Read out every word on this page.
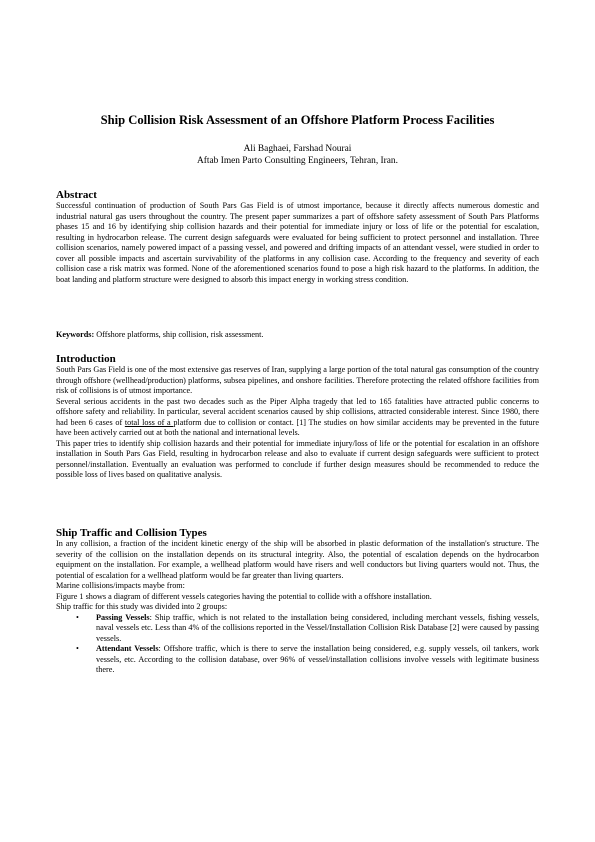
Ship Collision Risk Assessment of an Offshore Platform Process Facilities
Ali Baghaei, Farshad Nourai
Aftab Imen Parto Consulting Engineers, Tehran, Iran.

Abstract

Successful continuation of production of South Pars Gas Field is of utmost importance, because it directly affects numerous domestic and industrial natural gas users throughout the country. The present paper summarizes a part of offshore safety assessment of South Pars Platforms phases 15 and 16 by identifying ship collision hazards and their potential for immediate injury or loss of life or the potential for escalation, resulting in hydrocarbon release. The current design safeguards were evaluated for being sufficient to protect personnel and installation. Three collision scenarios, namely powered impact of a passing vessel, and powered and drifting impacts of an attendant vessel, were studied in order to cover all possible impacts and ascertain survivability of the platforms in any collision case. According to the frequency and severity of each collision case a risk matrix was formed. None of the aforementioned scenarios found to pose a high risk hazard to the platforms. In addition, the boat landing and platform structure were designed to absorb this impact energy in working stress condition.

Keywords: Offshore platforms, ship collision, risk assessment.

Introduction

South Pars Gas Field is one of the most extensive gas reserves of Iran, supplying a large portion of the total natural gas consumption of the country through offshore (wellhead/production) platforms, subsea pipelines, and onshore facilities. Therefore protecting the related offshore facilities from risk of collisions is of utmost importance.

Several serious accidents in the past two decades such as the Piper Alpha tragedy that led to 165 fatalities have attracted public concerns to offshore safety and reliability. In particular, several accident scenarios caused by ship collisions, attracted considerable interest. Since 1980, there had been 6 cases of total loss of a platform due to collision or contact. [1] The studies on how similar accidents may be prevented in the future have been actively carried out at both the national and international levels.

This paper tries to identify ship collision hazards and their potential for immediate injury/loss of life or the potential for escalation in an offshore installation in South Pars Gas Field, resulting in hydrocarbon release and also to evaluate if current design safeguards were sufficient to protect personnel/installation. Eventually an evaluation was performed to conclude if further design measures should be recommended to reduce the possible loss of lives based on qualitative analysis.

Ship Traffic and Collision Types

In any collision, a fraction of the incident kinetic energy of the ship will be absorbed in plastic deformation of the installation's structure. The severity of the collision on the installation depends on its structural integrity. Also, the potential of escalation depends on the hydrocarbon equipment on the installation. For example, a wellhead platform would have risers and well conductors but living quarters would not. Thus, the potential of escalation for a wellhead platform would be far greater than living quarters.

Marine collisions/impacts maybe from:

Figure 1 shows a diagram of different vessels categories having the potential to collide with a offshore installation.

Ship traffic for this study was divided into 2 groups:

• Passing Vessels: Ship traffic, which is not related to the installation being considered, including merchant vessels, fishing vessels, naval vessels etc. Less than 4% of the collisions reported in the Vessel/Installation Collision Risk Database [2] were caused by passing vessels.
• Attendant Vessels: Offshore traffic, which is there to serve the installation being considered, e.g. supply vessels, oil tankers, work vessels, etc. According to the collision database, over 96% of vessel/installation collisions involve vessels with legitimate business there.
